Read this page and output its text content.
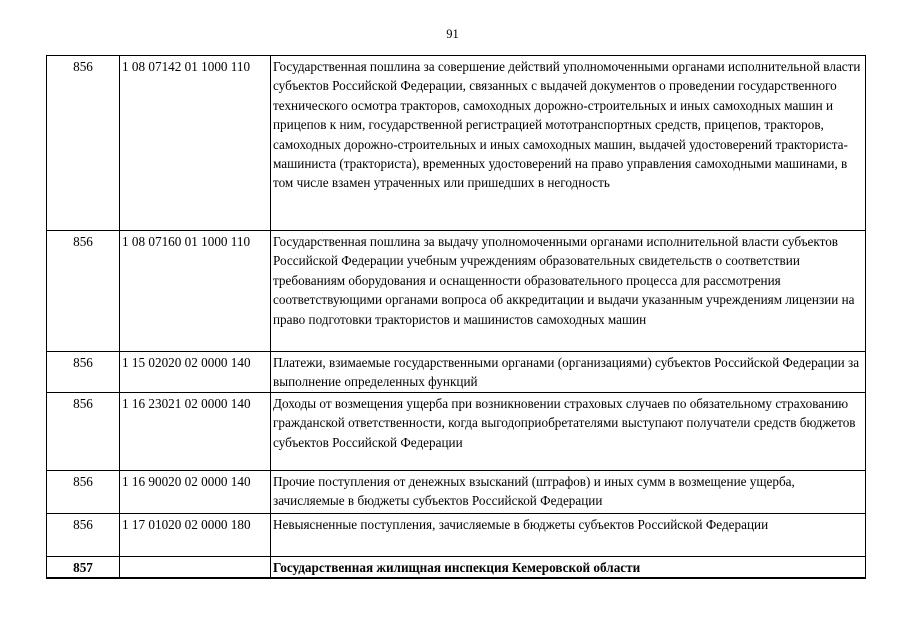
91
856	1 08 07142 01 1000 110	Государственная пошлина за совершение действий уполномоченными органами исполнительной власти субъектов Российской Федерации, связанных с выдачей документов о проведении государственного технического осмотра тракторов, самоходных дорожно-строительных и иных самоходных машин и прицепов к ним, государственной регистрацией мототранспортных средств, прицепов, тракторов, самоходных дорожно-строительных и иных самоходных машин, выдачей удостоверений тракториста-машиниста (тракториста), временных удостоверений на право управления самоходными машинами, в том числе взамен утраченных или пришедших в негодность
856	1 08 07160 01 1000 110	Государственная пошлина за выдачу уполномоченными органами исполнительной власти субъектов Российской Федерации учебным учреждениям образовательных свидетельств о соответствии требованиям оборудования и оснащенности образовательного процесса для рассмотрения соответствующими органами вопроса об аккредитации и выдачи указанным учреждениям лицензии на право подготовки трактористов и машинистов самоходных машин
856	1 15 02020 02 0000 140	Платежи, взимаемые государственными органами (организациями) субъектов Российской Федерации за выполнение определенных функций
856	1 16 23021 02 0000 140	Доходы от возмещения ущерба при возникновении страховых случаев по обязательному страхованию гражданской ответственности, когда выгодоприобретателями выступают получатели средств бюджетов субъектов Российской Федерации
856	1 16 90020 02 0000 140	Прочие поступления от денежных взысканий (штрафов) и иных сумм в возмещение ущерба, зачисляемые в бюджеты субъектов Российской Федерации
856	1 17 01020 02 0000 180	Невыясненные поступления, зачисляемые в бюджеты субъектов Российской Федерации
857		Государственная жилищная инспекция Кемеровской области
